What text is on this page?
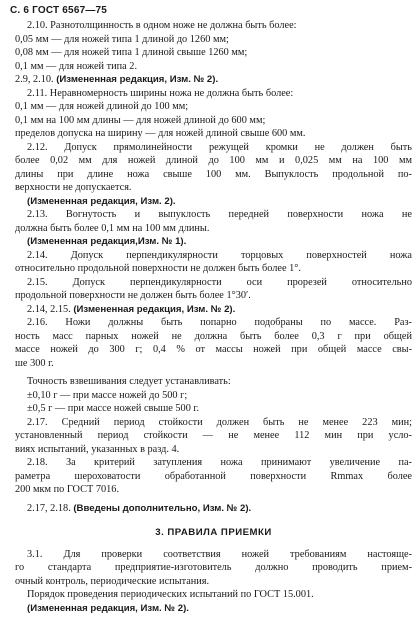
С. 6 ГОСТ 6567—75
2.10. Разнотолщинность в одном ноже не должна быть более:
0,05 мм — для ножей типа 1 длиной до 1260 мм;
0,08 мм — для ножей типа 1 длиной свыше 1260 мм;
0,1 мм — для ножей типа 2.
2.9, 2.10. (Измененная редакция, Изм. № 2).
2.11. Неравномерность ширины ножа не должна быть более:
0,1 мм — для ножей длиной до 100 мм;
0,1 мм на 100 мм длины — для ножей длиной до 600 мм;
пределов допуска на ширину — для ножей длиной свыше 600 мм.
2.12. Допуск прямолинейности режущей кромки не должен быть
более 0,02 мм для ножей длиной до 100 мм и 0,025 мм на 100 мм
длины при длине ножа свыше 100 мм. Выпуклость продольной по-
верхности не допускается.
(Измененная редакция, Изм. 2).
2.13. Вогнутость и выпуклость передней поверхности ножа не
должна быть более 0,1 мм на 100 мм длины.
(Измененная редакция,Изм. № 1).
2.14. Допуск перпендикулярности торцовых поверхностей ножа
относительно продольной поверхности не должен быть более 1°.
2.15. Допуск перпендикулярности оси прорезей относительно
продольной поверхности не должен быть более 1°30′.
2.14, 2.15. (Измененная редакция, Изм. № 2).
2.16. Ножи должны быть попарно подобраны по массе. Раз-
ность масс парных ножей не должна быть более 0,3 г при общей
массе ножей до 300 г; 0,4 % от массы ножей при общей массе свы-
ше 300 г.
Точность взвешивания следует устанавливать:
±0,10 г — при массе ножей до 500 г;
±0,5 г — при массе ножей свыше 500 г.
2.17. Средний период стойкости должен быть не менее 223 мин;
установленный период стойкости — не менее 112 мин при усло-
виях испытаний, указанных в разд. 4.
2.18. За критерий затупления ножа принимают увеличение па-
раметра шероховатости обработанной поверхности Rmmax более
200 мкм по ГОСТ 7016.
2.17, 2.18. (Введены дополнительно, Изм. № 2).
3. ПРАВИЛА ПРИЕМКИ
3.1. Для проверки соответствия ножей требованиям настояще-
го стандарта предприятие-изготовитель должно проводить прием-
очный контроль, периодические испытания.
Порядок проведения периодических испытаний по ГОСТ 15.001.
(Измененная редакция, Изм. № 2).
